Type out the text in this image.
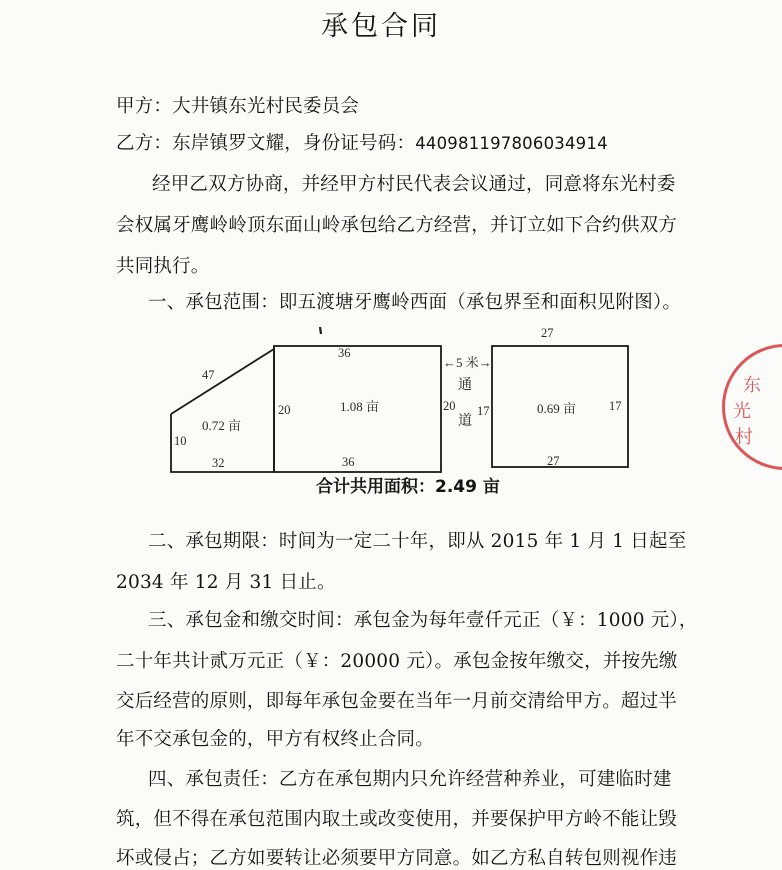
承包合同
甲方：大井镇东光村民委员会
乙方：东岸镇罗文耀，身份证号码：440981197806034914
经甲乙双方协商，并经甲方村民代表会议通过，同意将东光村委
会权属牙鹰岭岭顶东面山岭承包给乙方经营，并订立如下合约供双方
共同执行。
一、承包范围：即五渡塘牙鹰岭西面（承包界至和面积见附图）。
47
10
32
0.72 亩
36
20	20
36
1.08 亩
←5 米→
通
道
27
17	17
27
0.69 亩
合计共用面积：2.49 亩
二、承包期限：时间为一定二十年，即从 2015 年 1 月 1 日起至
2034 年 12 月 31 日止。
三、承包金和缴交时间：承包金为每年壹仟元正（￥：1000 元），
二十年共计贰万元正（￥：20000 元）。承包金按年缴交，并按先缴
交后经营的原则，即每年承包金要在当年一月前交清给甲方。超过半
年不交承包金的，甲方有权终止合同。
四、承包责任：乙方在承包期内只允许经营种养业，可建临时建
筑，但不得在承包范围内取土或改变使用，并要保护甲方岭不能让毁
坏或侵占；乙方如要转让必须要甲方同意。如乙方私自转包则视作违
东
光
村
